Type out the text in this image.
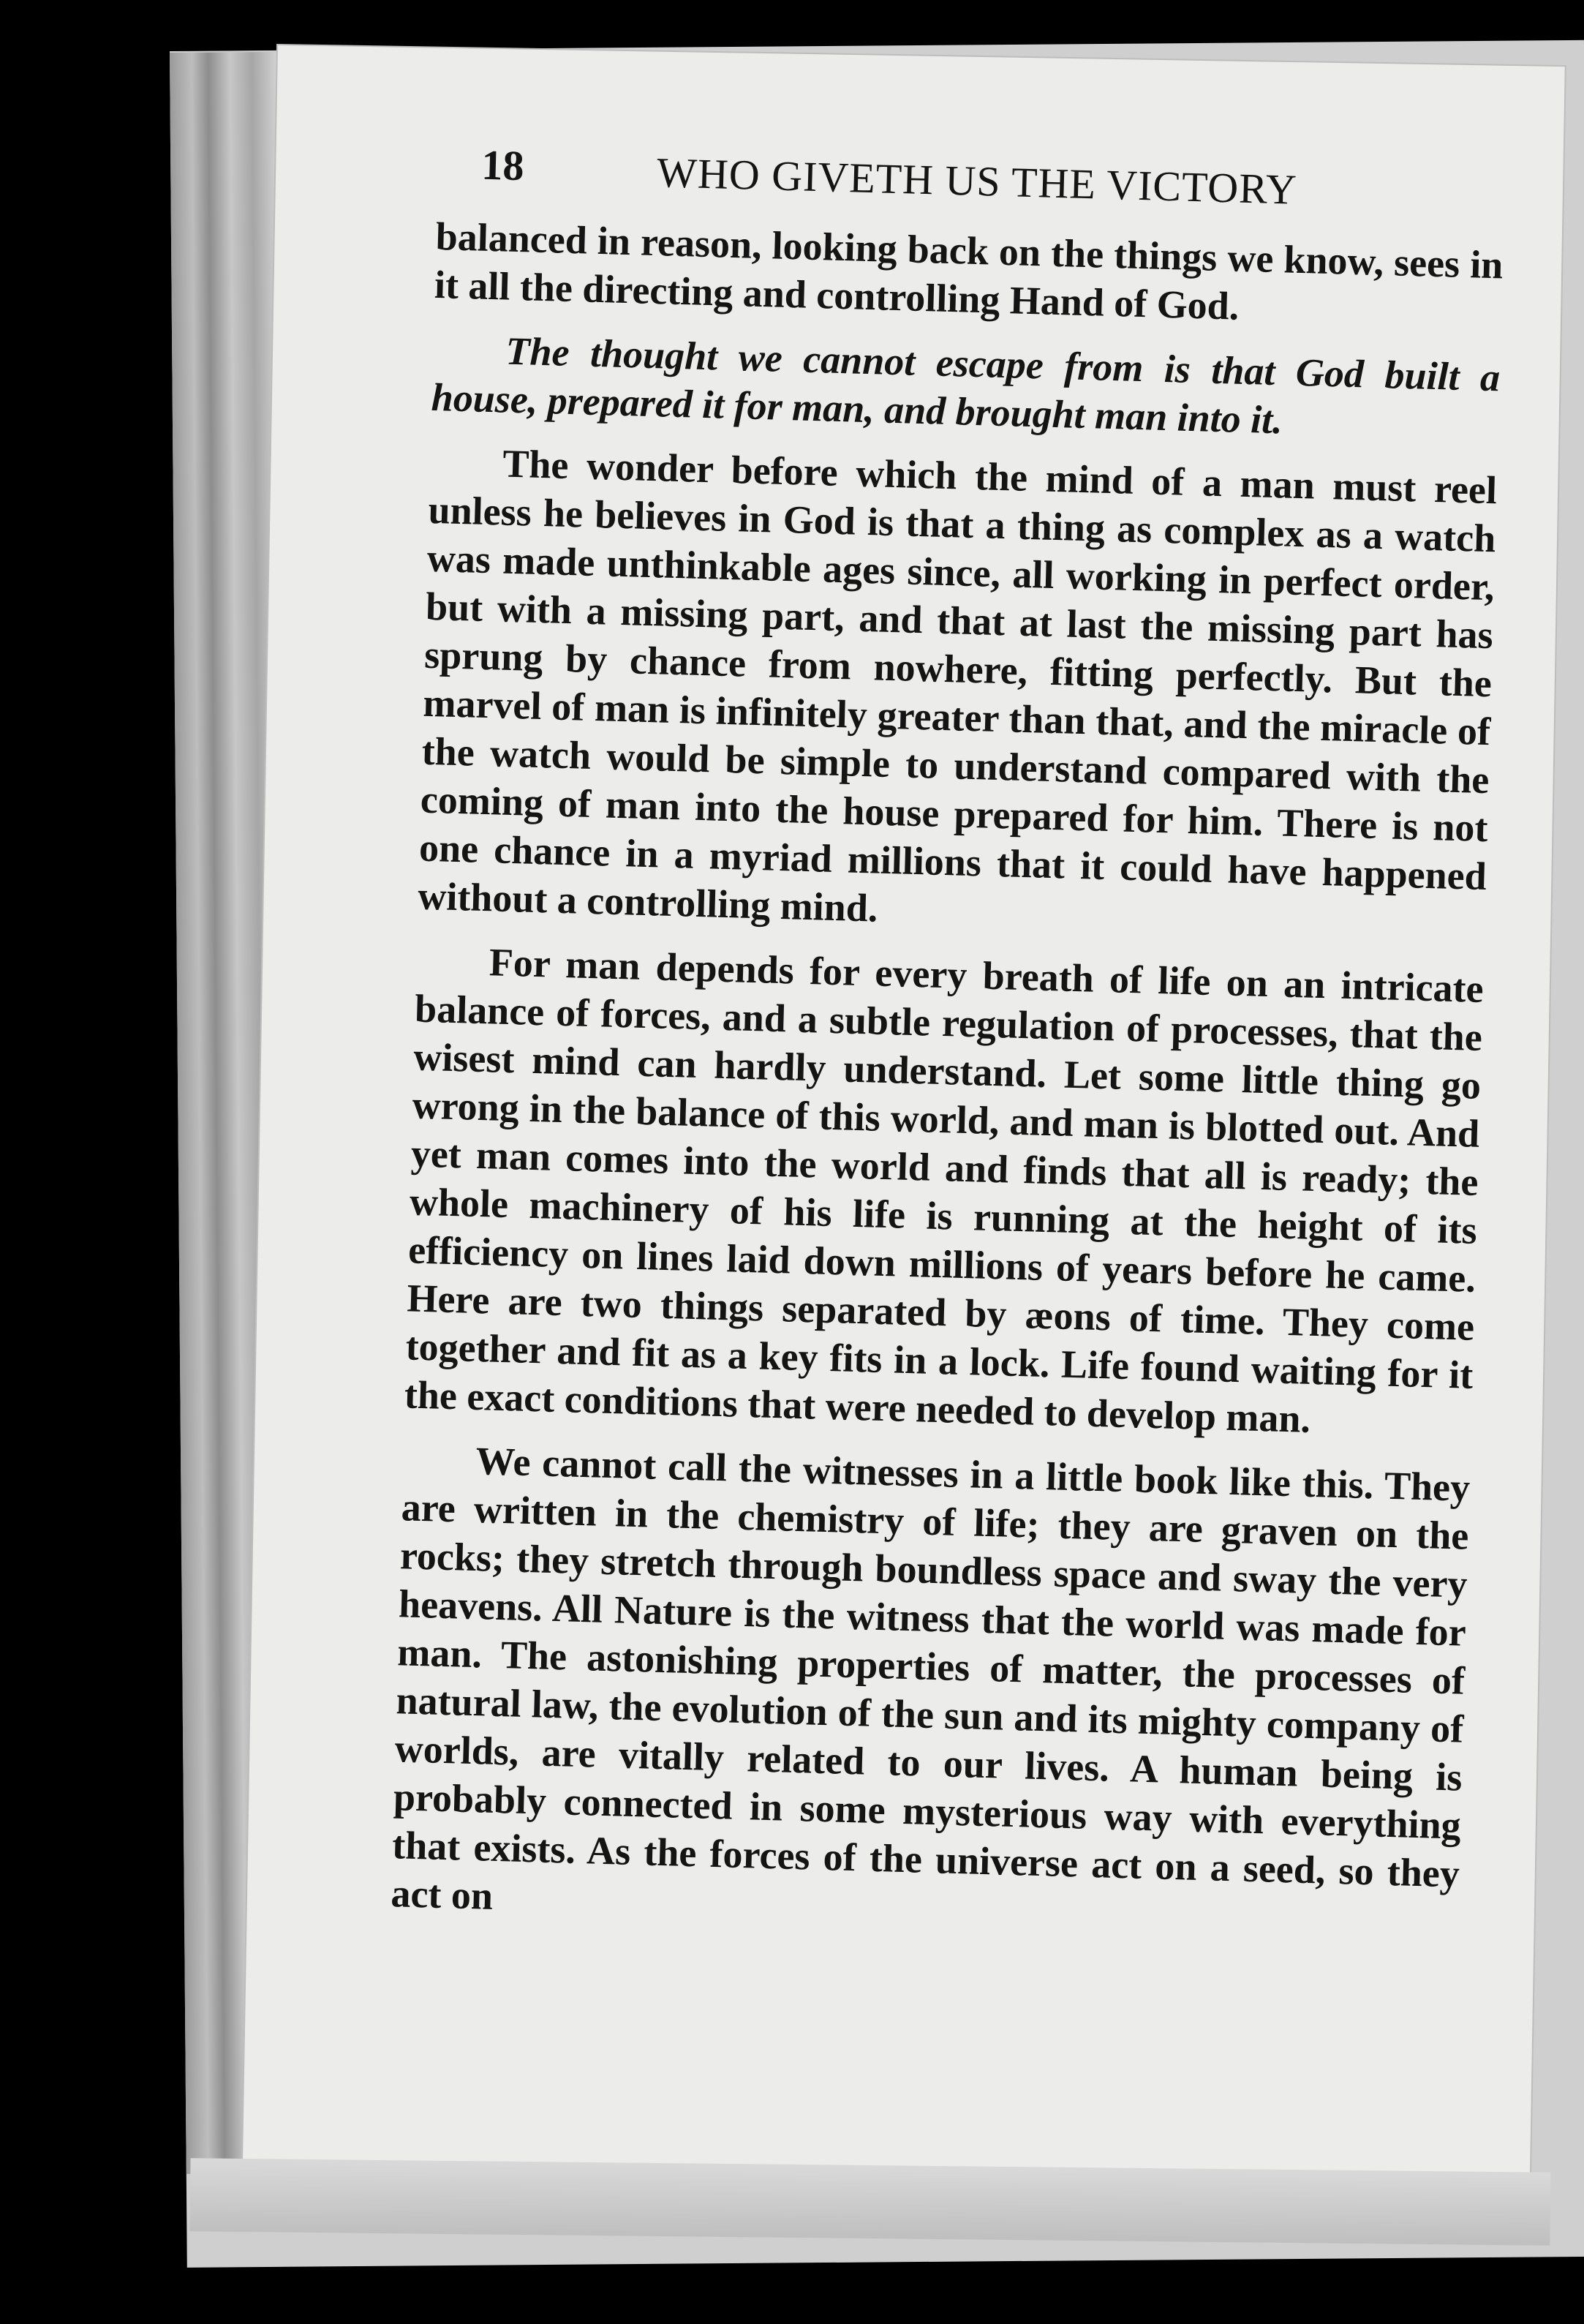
18	WHO GIVETH US THE VICTORY

balanced in reason, looking back on the things we know, sees in it all the directing and controlling Hand of God.

The thought we cannot escape from is that God built a house, prepared it for man, and brought man into it.

The wonder before which the mind of a man must reel unless he believes in God is that a thing as complex as a watch was made unthinkable ages since, all working in perfect order, but with a missing part, and that at last the missing part has sprung by chance from nowhere, fitting perfectly. But the marvel of man is infinitely greater than that, and the miracle of the watch would be simple to understand compared with the coming of man into the house prepared for him. There is not one chance in a myriad millions that it could have happened without a controlling mind.

For man depends for every breath of life on an intricate balance of forces, and a subtle regulation of processes, that the wisest mind can hardly understand. Let some little thing go wrong in the balance of this world, and man is blotted out. And yet man comes into the world and finds that all is ready; the whole machinery of his life is running at the height of its efficiency on lines laid down millions of years before he came. Here are two things separated by æons of time. They come together and fit as a key fits in a lock. Life found waiting for it the exact conditions that were needed to develop man.

We cannot call the witnesses in a little book like this. They are written in the chemistry of life; they are graven on the rocks; they stretch through boundless space and sway the very heavens. All Nature is the witness that the world was made for man. The astonishing properties of matter, the processes of natural law, the evolution of the sun and its mighty company of worlds, are vitally related to our lives. A human being is probably connected in some mysterious way with everything that exists. As the forces of the universe act on a seed, so they act on
